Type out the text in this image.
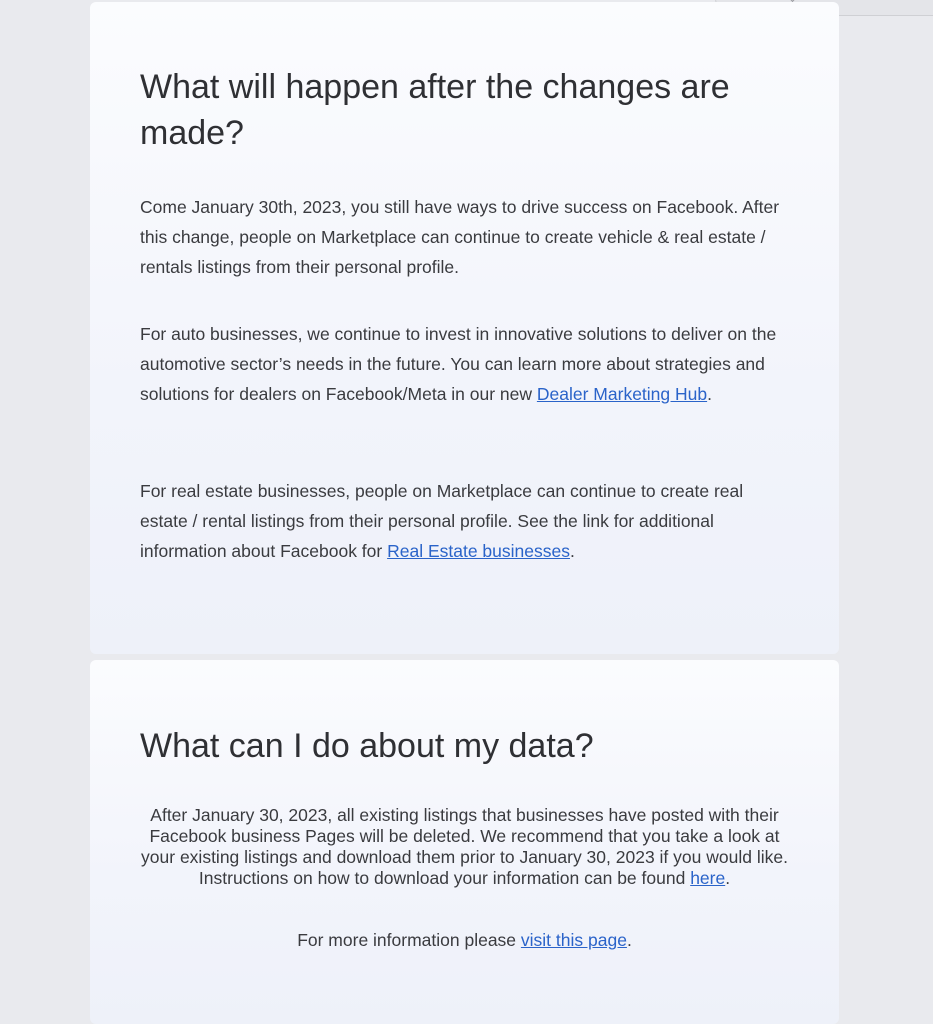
What will happen after the changes are made?

Come January 30th, 2023, you still have ways to drive success on Facebook. After this change, people on Marketplace can continue to create vehicle & real estate / rentals listings from their personal profile.

For auto businesses, we continue to invest in innovative solutions to deliver on the automotive sector’s needs in the future. You can learn more about strategies and solutions for dealers on Facebook/Meta in our new Dealer Marketing Hub.

For real estate businesses, people on Marketplace can continue to create real estate / rental listings from their personal profile. See the link for additional information about Facebook for Real Estate businesses.

What can I do about my data?

After January 30, 2023, all existing listings that businesses have posted with their Facebook business Pages will be deleted. We recommend that you take a look at your existing listings and download them prior to January 30, 2023 if you would like. Instructions on how to download your information can be found here.

For more information please visit this page.
